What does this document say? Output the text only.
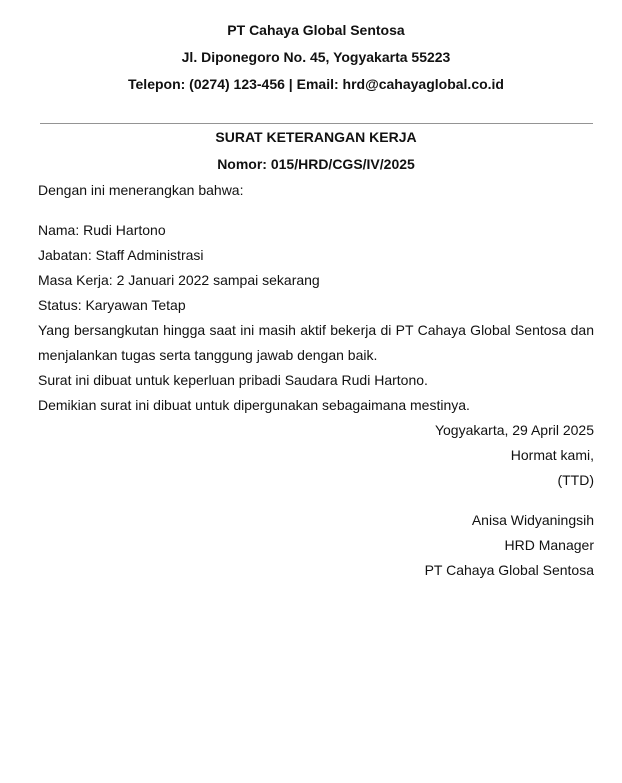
PT Cahaya Global Sentosa

Jl. Diponegoro No. 45, Yogyakarta 55223

Telepon: (0274) 123-456 | Email: hrd@cahayaglobal.co.id

SURAT KETERANGAN KERJA

Nomor: 015/HRD/CGS/IV/2025

Dengan ini menerangkan bahwa:

Nama: Rudi Hartono
Jabatan: Staff Administrasi
Masa Kerja: 2 Januari 2022 sampai sekarang
Status: Karyawan Tetap

Yang bersangkutan hingga saat ini masih aktif bekerja di PT Cahaya Global Sentosa dan menjalankan tugas serta tanggung jawab dengan baik.

Surat ini dibuat untuk keperluan pribadi Saudara Rudi Hartono.

Demikian surat ini dibuat untuk dipergunakan sebagaimana mestinya.

Yogyakarta, 29 April 2025

Hormat kami,

(TTD)

Anisa Widyaningsih
HRD Manager
PT Cahaya Global Sentosa
